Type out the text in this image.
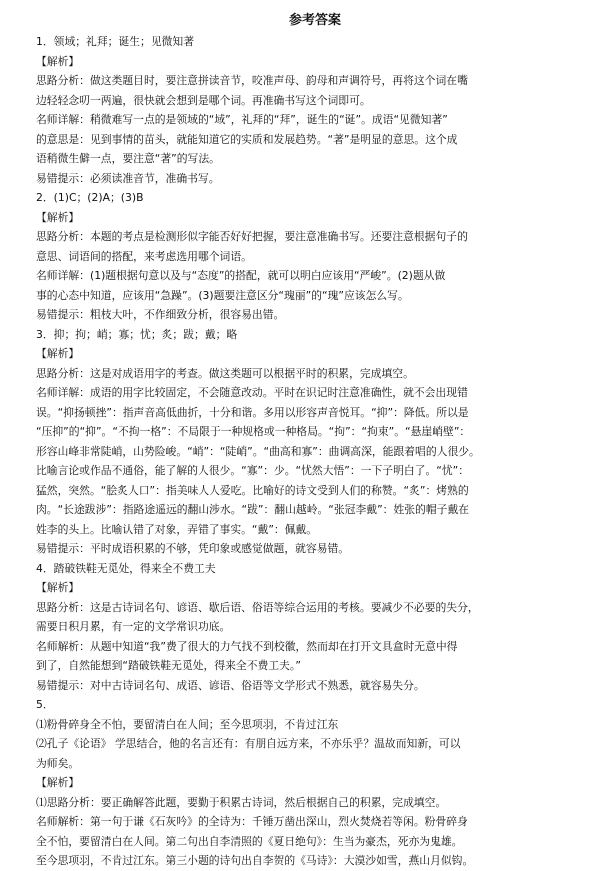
参考答案
1．领域；礼拜；诞生；见微知著
【解析】
思路分析：做这类题目时，要注意拼读音节，咬准声母、韵母和声调符号，再将这个词在嘴
边轻轻念叨一两遍，很快就会想到是哪个词。再准确书写这个词即可。
名师详解：稍微难写一点的是领域的“域”，礼拜的“拜”，诞生的“诞”。成语“见微知著”
的意思是：见到事情的苗头，就能知道它的实质和发展趋势。“著”是明显的意思。这个成
语稍微生僻一点，要注意“著”的写法。
易错提示：必须读准音节，准确书写。
2．(1)C；(2)A；(3)B
【解析】
思路分析：本题的考点是检测形似字能否好好把握，要注意准确书写。还要注意根据句子的
意思、词语间的搭配，来考虑选用哪个词语。
名师详解：(1)题根据句意以及与“态度”的搭配，就可以明白应该用“严峻”。(2)题从做
事的心态中知道，应该用“急躁”。(3)题要注意区分“瑰丽”的“瑰”应该怎么写。
易错提示：粗枝大叶，不作细致分析，很容易出错。
3．抑；拘；峭；寡；忧；炙；跋；戴；略
【解析】
思路分析：这是对成语用字的考查。做这类题可以根据平时的积累，完成填空。
名师详解：成语的用字比较固定，不会随意改动。平时在识记时注意准确性，就不会出现错
误。“抑扬顿挫”：指声音高低曲折，十分和谐。多用以形容声音悦耳。“抑”：降低。所以是
“压抑”的“抑”。“不拘一格”：不局限于一种规格或一种格局。“拘”：“拘束”。“悬崖峭壁”：
形容山峰非常陡峭，山势险峻。“峭”：“陡峭”。“曲高和寡”：曲调高深，能跟着唱的人很少。
比喻言论或作品不通俗，能了解的人很少。“寡”：少。“忧然大悟”：一下子明白了。“忧”：
猛然，突然。“脍炙人口”：指美味人人爱吃。比喻好的诗文受到人们的称赞。“炙”：烤熟的
肉。“长途跋涉”：指路途遥远的翻山涉水。“跋”：翻山越岭。“张冠李戴”：姓张的帽子戴在
姓李的头上。比喻认错了对象，弄错了事实。“戴”：佩戴。
易错提示：平时成语积累的不够，凭印象或感觉做题，就容易错。
4．踏破铁鞋无觅处，得来全不费工夫
【解析】
思路分析：这是古诗词名句、谚语、歇后语、俗语等综合运用的考核。要减少不必要的失分，
需要日积月累，有一定的文学常识功底。
名师解析：从题中知道“我”费了很大的力气找不到校徽，然而却在打开文具盒时无意中得
到了，自然能想到“踏破铁鞋无觅处，得来全不费工夫。”
易错提示：对中古诗词名句、成语、谚语、俗语等文学形式不熟悉，就容易失分。
5．
⑴粉骨碎身全不怕，要留清白在人间；至今思项羽，不肯过江东
⑵孔子《论语》 学思结合，他的名言还有：有朋自远方来，不亦乐乎？温故而知新，可以
为师矣。
【解析】
⑴思路分析：要正确解答此题，要勤于积累古诗词，然后根据自己的积累，完成填空。
名师解析：第一句于谦《石灰吟》的全诗为：千锤万凿出深山，烈火焚烧若等闲。粉骨碎身
全不怕，要留清白在人间。第二句出自李清照的《夏日绝句》：生当为豪杰，死亦为鬼雄。
至今思项羽，不肯过江东。第三小题的诗句出自李贺的《马诗》：大漠沙如雪，燕山月似钩。
